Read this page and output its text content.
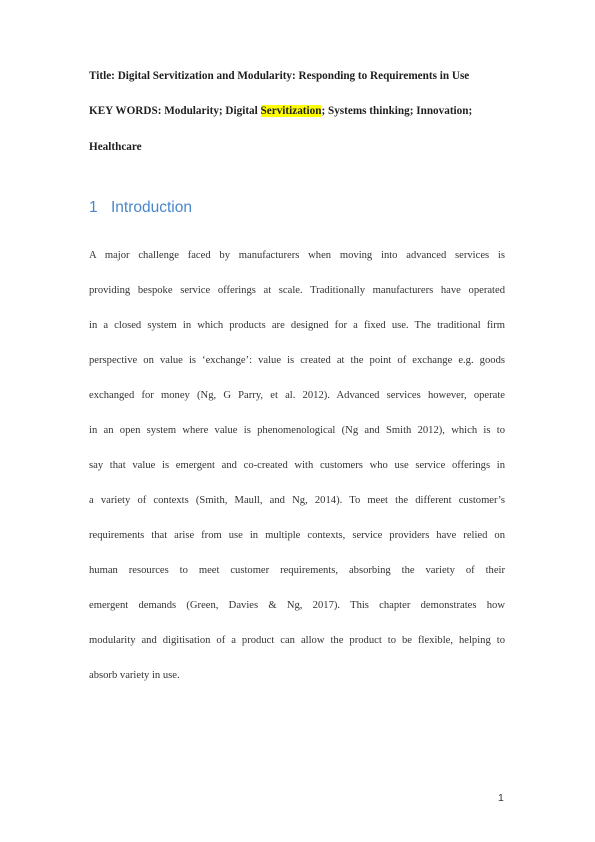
Title: Digital Servitization and Modularity: Responding to Requirements in Use
KEY WORDS: Modularity; Digital Servitization; Systems thinking; Innovation;
Healthcare
1 Introduction
A major challenge faced by manufacturers when moving into advanced services is
providing bespoke service offerings at scale. Traditionally manufacturers have operated
in a closed system in which products are designed for a fixed use. The traditional firm
perspective on value is ‘exchange’: value is created at the point of exchange e.g. goods
exchanged for money (Ng, G Parry, et al. 2012). Advanced services however, operate
in an open system where value is phenomenological (Ng and Smith 2012), which is to
say that value is emergent and co-created with customers who use service offerings in
a variety of contexts (Smith, Maull, and Ng, 2014). To meet the different customer’s
requirements that arise from use in multiple contexts, service providers have relied on
human resources to meet customer requirements, absorbing the variety of their
emergent demands (Green, Davies & Ng, 2017). This chapter demonstrates how
modularity and digitisation of a product can allow the product to be flexible, helping to
absorb variety in use.
1
